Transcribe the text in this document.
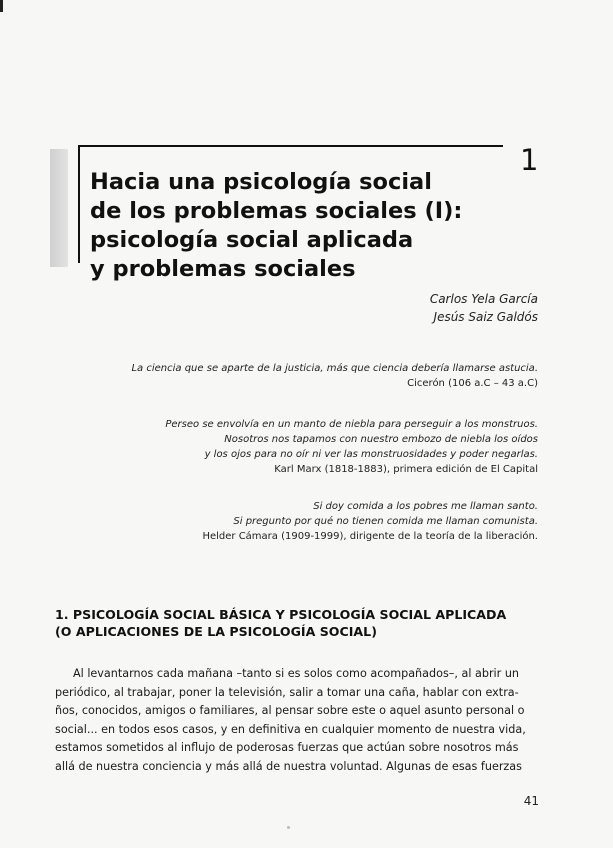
1
Hacia una psicología social
de los problemas sociales (I):
psicología social aplicada
y problemas sociales
Carlos Yela García
Jesús Saiz Galdós
La ciencia que se aparte de la justicia, más que ciencia debería llamarse astucia.
Cicerón (106 a.C – 43 a.C)
Perseo se envolvía en un manto de niebla para perseguir a los monstruos.
Nosotros nos tapamos con nuestro embozo de niebla los oídos
y los ojos para no oír ni ver las monstruosidades y poder negarlas.
Karl Marx (1818-1883), primera edición de El Capital
Si doy comida a los pobres me llaman santo.
Si pregunto por qué no tienen comida me llaman comunista.
Helder Cámara (1909-1999), dirigente de la teoría de la liberación.
1. PSICOLOGÍA SOCIAL BÁSICA Y PSICOLOGÍA SOCIAL APLICADA
(O APLICACIONES DE LA PSICOLOGÍA SOCIAL)

Al levantarnos cada mañana –tanto si es solos como acompañados–, al abrir un
periódico, al trabajar, poner la televisión, salir a tomar una caña, hablar con extra-
ños, conocidos, amigos o familiares, al pensar sobre este o aquel asunto personal o
social... en todos esos casos, y en definitiva en cualquier momento de nuestra vida,
estamos sometidos al influjo de poderosas fuerzas que actúan sobre nosotros más
allá de nuestra conciencia y más allá de nuestra voluntad. Algunas de esas fuerzas

41
